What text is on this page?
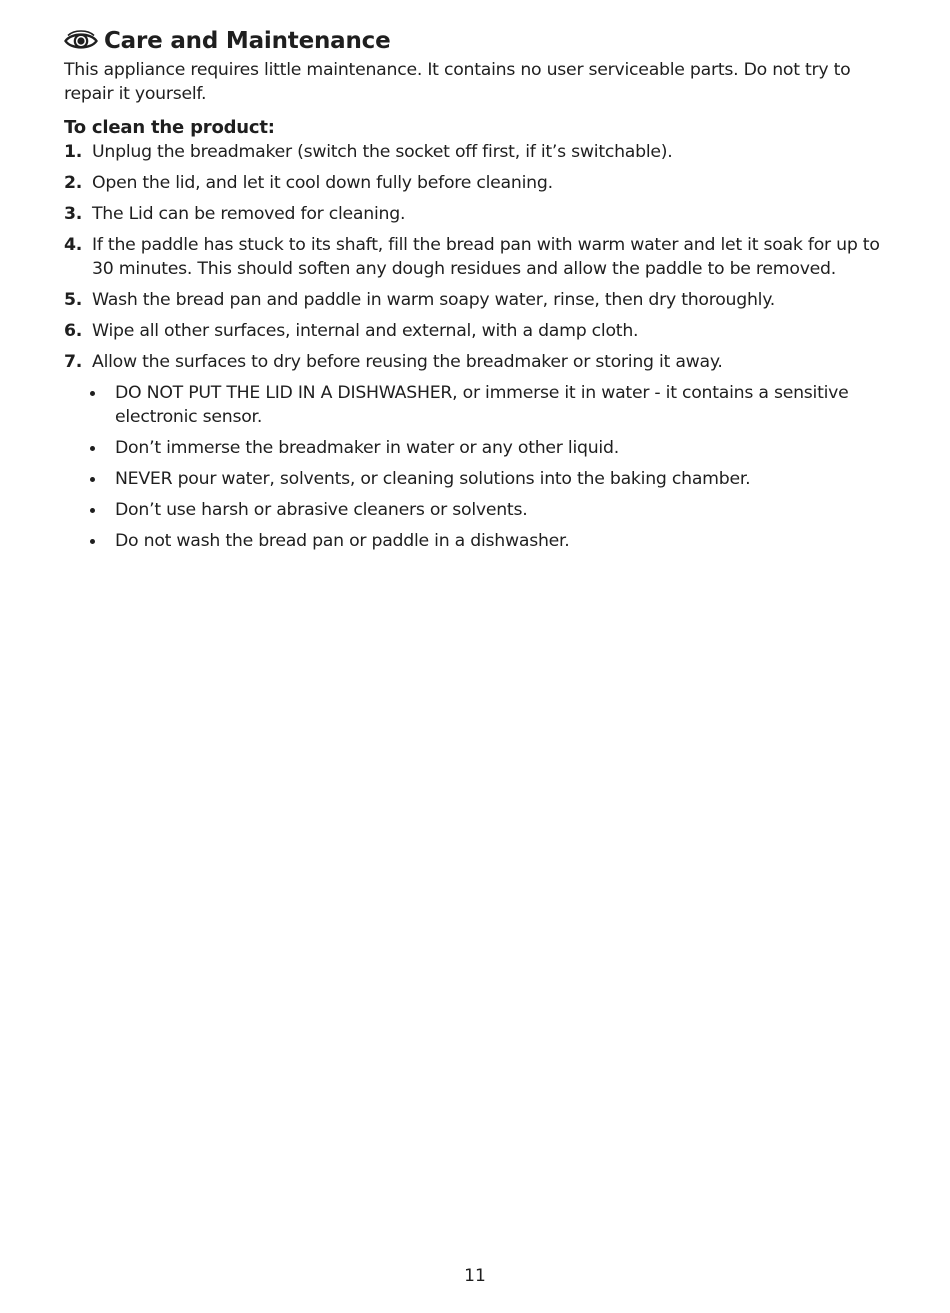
Care and Maintenance

This appliance requires little maintenance. It contains no user serviceable parts. Do not try to repair it yourself.

To clean the product:
1. Unplug the breadmaker (switch the socket off first, if it’s switchable).
2. Open the lid, and let it cool down fully before cleaning.
3. The Lid can be removed for cleaning.
4. If the paddle has stuck to its shaft, fill the bread pan with warm water and let it soak for up to 30 minutes. This should soften any dough residues and allow the paddle to be removed.
5. Wash the bread pan and paddle in warm soapy water, rinse, then dry thoroughly.
6. Wipe all other surfaces, internal and external, with a damp cloth.
7. Allow the surfaces to dry before reusing the breadmaker or storing it away.
DO NOT PUT THE LID IN A DISHWASHER, or immerse it in water - it contains a sensitive electronic sensor.
Don’t immerse the breadmaker in water or any other liquid.
NEVER pour water, solvents, or cleaning solutions into the baking chamber.
Don’t use harsh or abrasive cleaners or solvents.
Do not wash the bread pan or paddle in a dishwasher.
11
